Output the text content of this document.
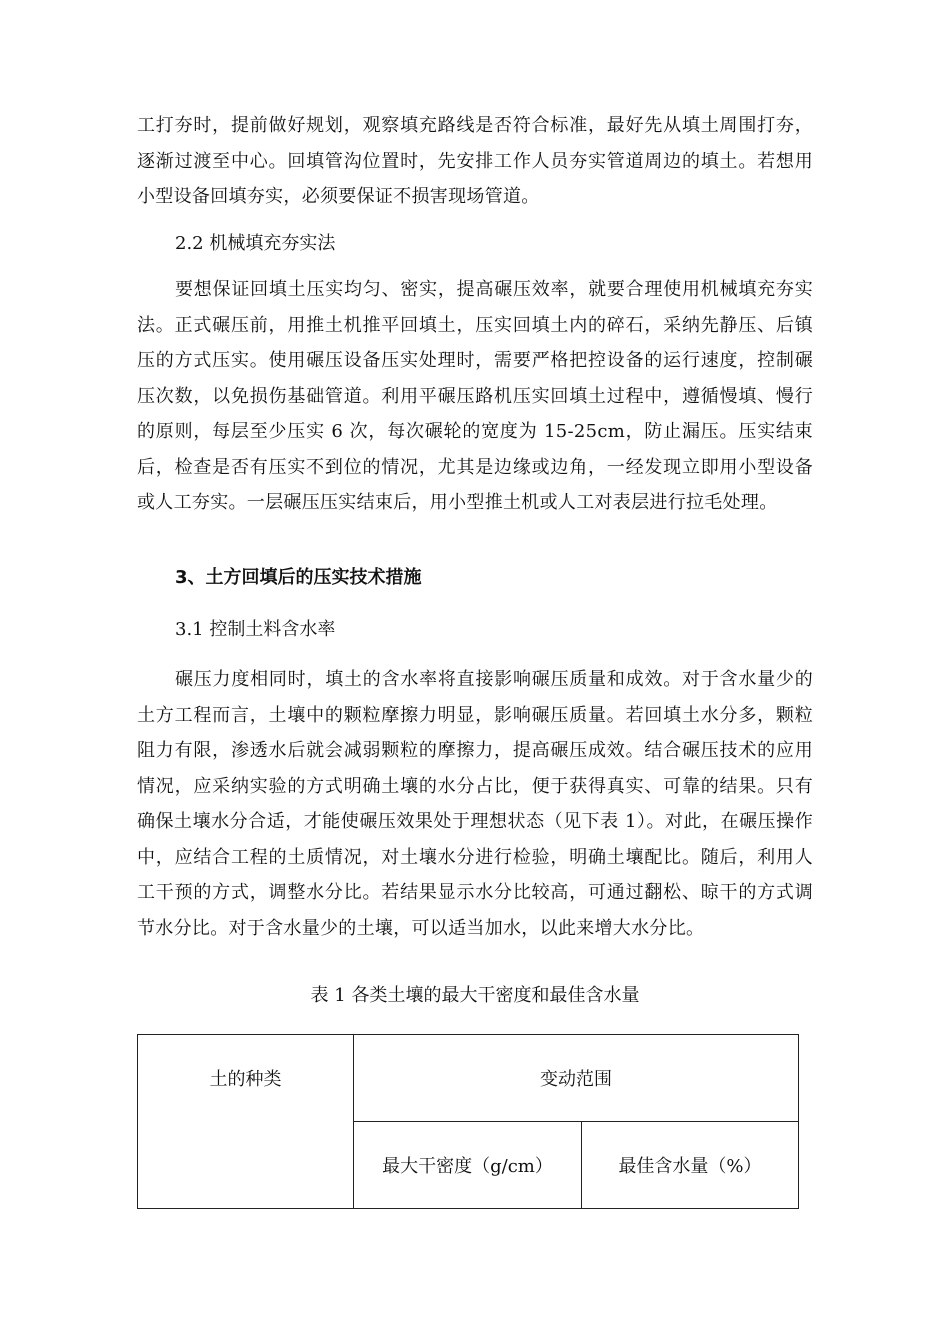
工打夯时，提前做好规划，观察填充路线是否符合标准，最好先从填土周围打夯，逐渐过渡至中心。回填管沟位置时，先安排工作人员夯实管道周边的填土。若想用小型设备回填夯实，必须要保证不损害现场管道。

2.2 机械填充夯实法

要想保证回填土压实均匀、密实，提高碾压效率，就要合理使用机械填充夯实法。正式碾压前，用推土机推平回填土，压实回填土内的碎石，采纳先静压、后镇压的方式压实。使用碾压设备压实处理时，需要严格把控设备的运行速度，控制碾压次数，以免损伤基础管道。利用平碾压路机压实回填土过程中，遵循慢填、慢行的原则，每层至少压实 6 次，每次碾轮的宽度为 15-25cm，防止漏压。压实结束后，检查是否有压实不到位的情况，尤其是边缘或边角，一经发现立即用小型设备或人工夯实。一层碾压压实结束后，用小型推土机或人工对表层进行拉毛处理。

3、土方回填后的压实技术措施

3.1 控制土料含水率

碾压力度相同时，填土的含水率将直接影响碾压质量和成效。对于含水量少的土方工程而言，土壤中的颗粒摩擦力明显，影响碾压质量。若回填土水分多，颗粒阻力有限，渗透水后就会减弱颗粒的摩擦力，提高碾压成效。结合碾压技术的应用情况，应采纳实验的方式明确土壤的水分占比，便于获得真实、可靠的结果。只有确保土壤水分合适，才能使碾压效果处于理想状态（见下表 1）。对此，在碾压操作中，应结合工程的土质情况，对土壤水分进行检验，明确土壤配比。随后，利用人工干预的方式，调整水分比。若结果显示水分比较高，可通过翻松、晾干的方式调节水分比。对于含水量少的土壤，可以适当加水，以此来增大水分比。

表 1 各类土壤的最大干密度和最佳含水量
土的种类	变动范围	
	最大干密度（g/cm）	最佳含水量（%）
